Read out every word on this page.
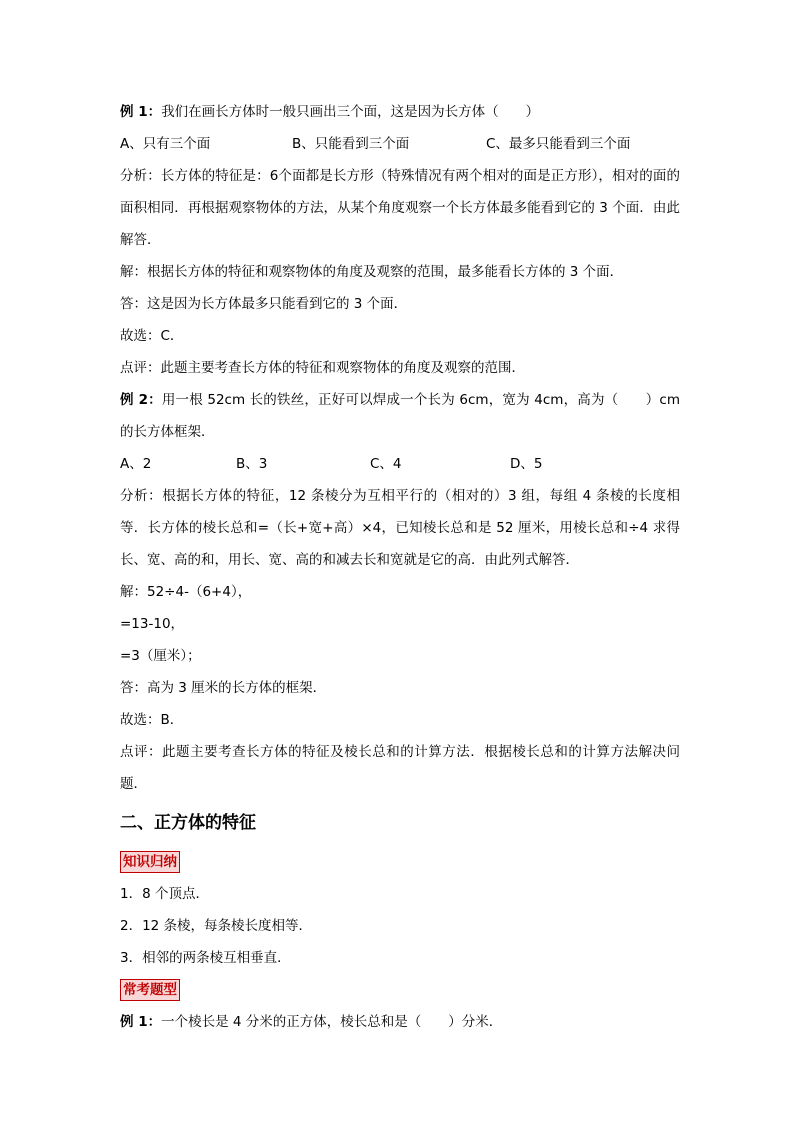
例 1：我们在画长方体时一般只画出三个面，这是因为长方体（　　）
A、只有三个面	B、只能看到三个面	C、最多只能看到三个面
分析：长方体的特征是：6个面都是长方形（特殊情况有两个相对的面是正方形），相对的面的面积相同．再根据观察物体的方法，从某个角度观察一个长方体最多能看到它的 3 个面．由此解答．
解：根据长方体的特征和观察物体的角度及观察的范围，最多能看长方体的 3 个面．
答：这是因为长方体最多只能看到它的 3 个面．
故选：C．
点评：此题主要考查长方体的特征和观察物体的角度及观察的范围．
例 2：用一根 52cm 长的铁丝，正好可以焊成一个长为 6cm，宽为 4cm，高为（　　）cm 的长方体框架．
A、2	B、3	C、4	D、5
分析：根据长方体的特征，12 条棱分为互相平行的（相对的）3 组，每组 4 条棱的长度相等．长方体的棱长总和=（长+宽+高）×4，已知棱长总和是 52 厘米，用棱长总和÷4 求得长、宽、高的和，用长、宽、高的和减去长和宽就是它的高．由此列式解答．
解：52÷4-（6+4），
=13-10，
=3（厘米）；
答：高为 3 厘米的长方体的框架．
故选：B．
点评：此题主要考查长方体的特征及棱长总和的计算方法．根据棱长总和的计算方法解决问题．
二、正方体的特征
知识归纳
1．8 个顶点．
2．12 条棱，每条棱长度相等．
3．相邻的两条棱互相垂直．
常考题型
例 1：一个棱长是 4 分米的正方体，棱长总和是（　　）分米．
